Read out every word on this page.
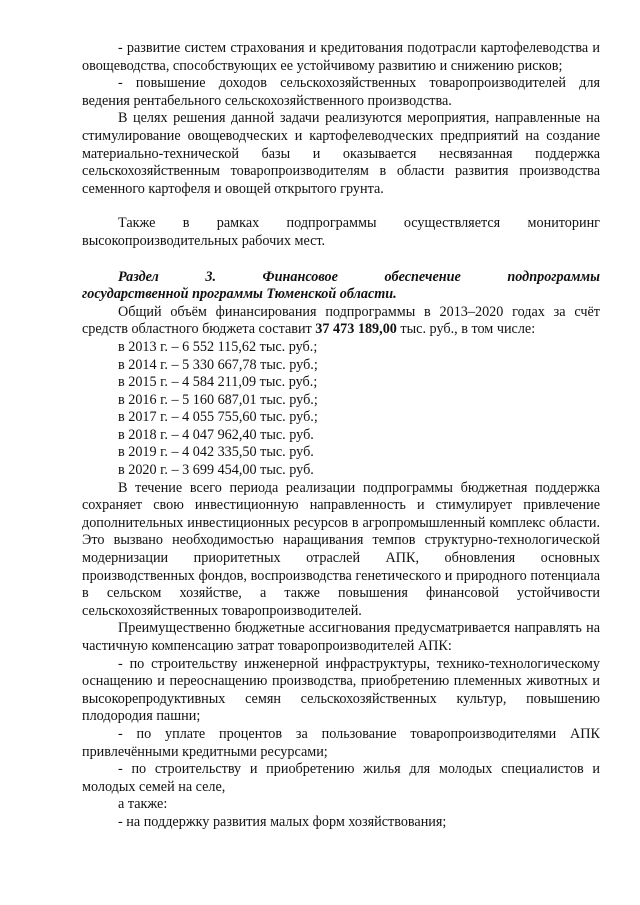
- развитие систем страхования и кредитования подотрасли картофелеводства и овощеводства, способствующих ее устойчивому развитию и снижению рисков;

- повышение доходов сельскохозяйственных товаропроизводителей для ведения рентабельного сельскохозяйственного производства.

В целях решения данной задачи реализуются мероприятия, направленные на стимулирование овощеводческих и картофелеводческих предприятий на создание материально-технической базы и оказывается несвязанная поддержка сельскохозяйственным товаропроизводителям в области развития производства семенного картофеля и овощей открытого грунта.

Также в рамках подпрограммы осуществляется мониторинг высокопроизводительных рабочих мест.

Раздел 3. Финансовое обеспечение подпрограммы
государственной программы Тюменской области.

Общий объём финансирования подпрограммы в 2013–2020 годах за счёт средств областного бюджета составит 37 473 189,00 тыс. руб., в том числе:

в 2013 г. – 6 552 115,62 тыс. руб.;

в 2014 г. – 5 330 667,78 тыс. руб.;

в 2015 г. – 4 584 211,09 тыс. руб.;

в 2016 г. – 5 160 687,01 тыс. руб.;

в 2017 г. – 4 055 755,60 тыс. руб.;

в 2018 г. – 4 047 962,40 тыс. руб.

в 2019 г. – 4 042 335,50 тыс. руб.

в 2020 г. – 3 699 454,00 тыс. руб.

В течение всего периода реализации подпрограммы бюджетная поддержка сохраняет свою инвестиционную направленность и стимулирует привлечение дополнительных инвестиционных ресурсов в агропромышленный комплекс области. Это вызвано необходимостью наращивания темпов структурно-технологической модернизации приоритетных отраслей АПК, обновления основных производственных фондов, воспроизводства генетического и природного потенциала в сельском хозяйстве, а также повышения финансовой устойчивости сельскохозяйственных товаропроизводителей.

Преимущественно бюджетные ассигнования предусматривается направлять на частичную компенсацию затрат товаропроизводителей АПК:

- по строительству инженерной инфраструктуры, технико-технологическому оснащению и переоснащению производства, приобретению племенных животных и высокорепродуктивных семян сельскохозяйственных культур, повышению плодородия пашни;

- по уплате процентов за пользование товаропроизводителями АПК привлечёнными кредитными ресурсами;

- по строительству и приобретению жилья для молодых специалистов и молодых семей на селе,

а также:

- на поддержку развития малых форм хозяйствования;
